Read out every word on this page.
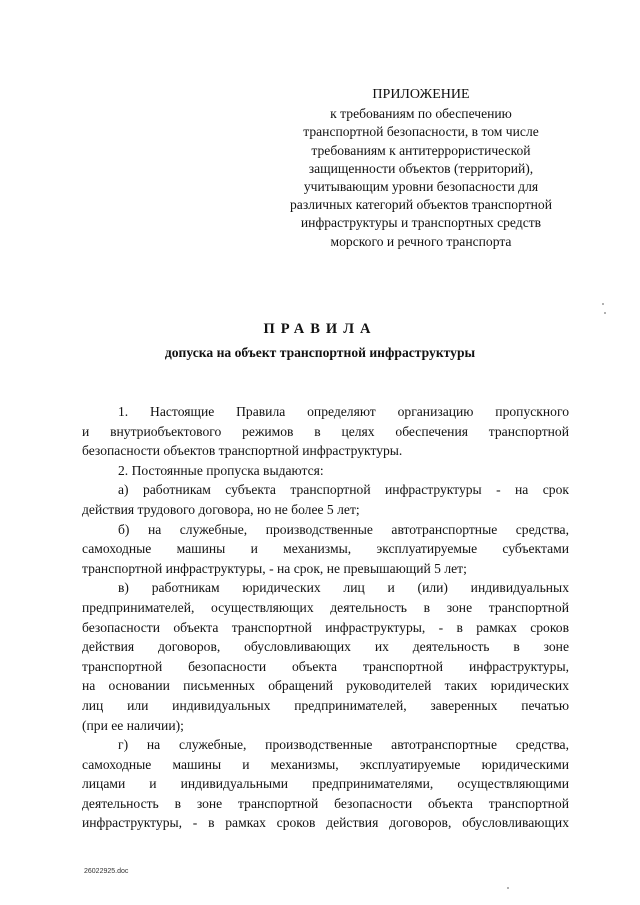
ПРИЛОЖЕНИЕ
к требованиям по обеспечению
транспортной безопасности, в том числе
требованиям к антитеррористической
защищенности объектов (территорий),
учитывающим уровни безопасности для
различных категорий объектов транспортной
инфраструктуры и транспортных средств
морского и речного транспорта
ПРАВИЛА
допуска на объект транспортной инфраструктуры
1. Настоящие Правила определяют организацию пропускного
и внутриобъектового режимов в целях обеспечения транспортной
безопасности объектов транспортной инфраструктуры.
2. Постоянные пропуска выдаются:
а) работникам субъекта транспортной инфраструктуры - на срок
действия трудового договора, но не более 5 лет;
б) на служебные, производственные автотранспортные средства,
самоходные машины и механизмы, эксплуатируемые субъектами
транспортной инфраструктуры, - на срок, не превышающий 5 лет;
в) работникам юридических лиц и (или) индивидуальных
предпринимателей, осуществляющих деятельность в зоне транспортной
безопасности объекта транспортной инфраструктуры, - в рамках сроков
действия договоров, обусловливающих их деятельность в зоне
транспортной безопасности объекта транспортной инфраструктуры,
на основании письменных обращений руководителей таких юридических
лиц или индивидуальных предпринимателей, заверенных печатью
(при ее наличии);
г) на служебные, производственные автотранспортные средства,
самоходные машины и механизмы, эксплуатируемые юридическими
лицами и индивидуальными предпринимателями, осуществляющими
деятельность в зоне транспортной безопасности объекта транспортной
инфраструктуры, - в рамках сроков действия договоров, обусловливающих
26022925.doc
